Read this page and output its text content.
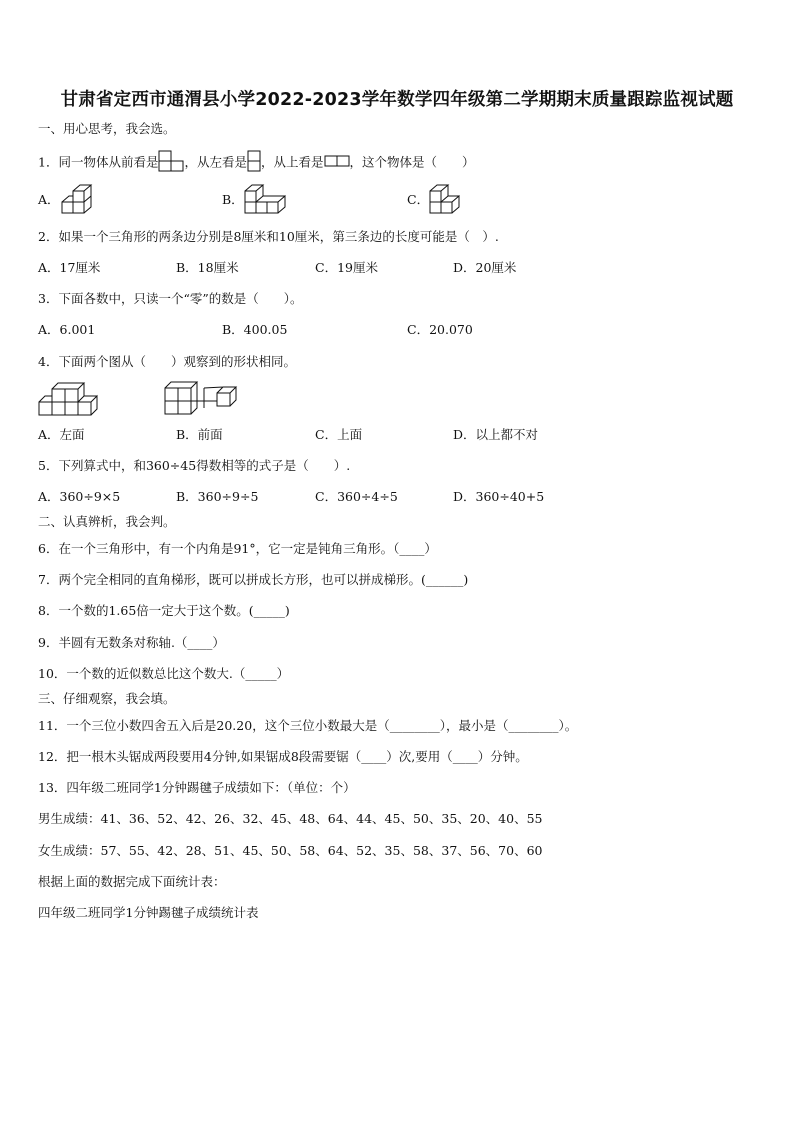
甘肃省定西市通渭县小学2022-2023学年数学四年级第二学期期末质量跟踪监视试题
一、用心思考，我会选。
1．同一物体从前看是 ，从左看是 ，从上看是 ，这个物体是（　　）
A．	B．	C．
2．如果一个三角形的两条边分别是8厘米和10厘米，第三条边的长度可能是（　）.
A．17厘米	B．18厘米	C．19厘米	D．20厘米
3．下面各数中，只读一个“零”的数是（　　）。
A．6.001	B．400.05	C．20.070
4．下面两个图从（　　）观察到的形状相同。
A．左面	B．前面	C．上面	D．以上都不对
5．下列算式中，和360÷45得数相等的式子是（　　）.
A．360÷9×5	B．360÷9÷5	C．360÷4÷5	D．360÷40+5
二、认真辨析，我会判。
6．在一个三角形中，有一个内角是91°，它一定是钝角三角形。（____）
7．两个完全相同的直角梯形，既可以拼成长方形，也可以拼成梯形。(______)
8．一个数的1.65倍一定大于这个数。(_____)
9．半圆有无数条对称轴.（____）
10．一个数的近似数总比这个数大.（_____）
三、仔细观察，我会填。
11．一个三位小数四舍五入后是20.20，这个三位小数最大是（________），最小是（________）。
12．把一根木头锯成两段要用4分钟,如果锯成8段需要锯（____）次,要用（____）分钟。
13．四年级二班同学1分钟踢毽子成绩如下：（单位：个）
男生成绩：41、36、52、42、26、32、45、48、64、44、45、50、35、20、40、55
女生成绩：57、55、42、28、51、45、50、58、64、52、35、58、37、56、70、60
根据上面的数据完成下面统计表：
四年级二班同学1分钟踢毽子成绩统计表
